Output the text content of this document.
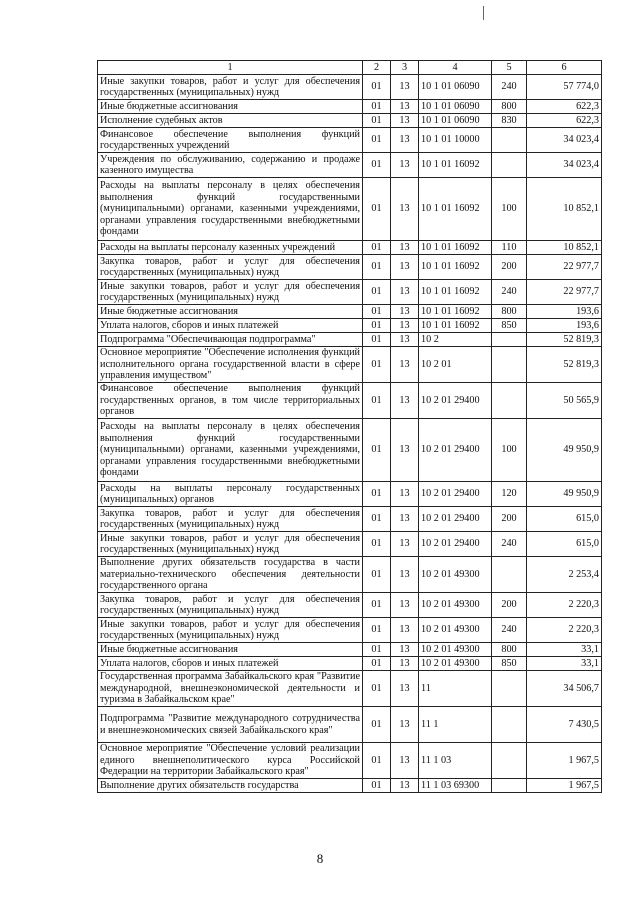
1	2	3	4	5	6
Иные закупки товаров, работ и услуг для обеспечения государственных (муниципальных) нужд	01	13	10 1 01 06090	240	57 774,0
Иные бюджетные ассигнования	01	13	10 1 01 06090	800	622,3
Исполнение судебных актов	01	13	10 1 01 06090	830	622,3
Финансовое обеспечение выполнения функций государственных учреждений	01	13	10 1 01 10000		34 023,4
Учреждения по обслуживанию, содержанию и продаже казенного имущества	01	13	10 1 01 16092		34 023,4
Расходы на выплаты персоналу в целях обеспечения выполнения функций государственными (муниципальными) органами, казенными учреждениями, органами управления государственными внебюджетными фондами	01	13	10 1 01 16092	100	10 852,1
Расходы на выплаты персоналу казенных учреждений	01	13	10 1 01 16092	110	10 852,1
Закупка товаров, работ и услуг для обеспечения государственных (муниципальных) нужд	01	13	10 1 01 16092	200	22 977,7
Иные закупки товаров, работ и услуг для обеспечения государственных (муниципальных) нужд	01	13	10 1 01 16092	240	22 977,7
Иные бюджетные ассигнования	01	13	10 1 01 16092	800	193,6
Уплата налогов, сборов и иных платежей	01	13	10 1 01 16092	850	193,6
Подпрограмма "Обеспечивающая подпрограмма"	01	13	10 2		52 819,3
Основное мероприятие "Обеспечение исполнения функций исполнительного органа государственной власти в сфере управления имуществом"	01	13	10 2 01		52 819,3
Финансовое обеспечение выполнения функций государственных органов, в том числе территориальных органов	01	13	10 2 01 29400		50 565,9
Расходы на выплаты персоналу в целях обеспечения выполнения функций государственными (муниципальными) органами, казенными учреждениями, органами управления государственными внебюджетными фондами	01	13	10 2 01 29400	100	49 950,9
Расходы на выплаты персоналу государственных (муниципальных) органов	01	13	10 2 01 29400	120	49 950,9
Закупка товаров, работ и услуг для обеспечения государственных (муниципальных) нужд	01	13	10 2 01 29400	200	615,0
Иные закупки товаров, работ и услуг для обеспечения государственных (муниципальных) нужд	01	13	10 2 01 29400	240	615,0
Выполнение других обязательств государства в части материально-технического обеспечения деятельности государственного органа	01	13	10 2 01 49300		2 253,4
Закупка товаров, работ и услуг для обеспечения государственных (муниципальных) нужд	01	13	10 2 01 49300	200	2 220,3
Иные закупки товаров, работ и услуг для обеспечения государственных (муниципальных) нужд	01	13	10 2 01 49300	240	2 220,3
Иные бюджетные ассигнования	01	13	10 2 01 49300	800	33,1
Уплата налогов, сборов и иных платежей	01	13	10 2 01 49300	850	33,1
Государственная программа Забайкальского края "Развитие международной, внешнеэкономической деятельности и туризма в Забайкальском крае"	01	13	11		34 506,7
Подпрограмма "Развитие международного сотрудничества и внешнеэкономических связей Забайкальского края"	01	13	11 1		7 430,5
Основное мероприятие "Обеспечение условий реализации единого внешнеполитического курса Российской Федерации на территории Забайкальского края"	01	13	11 1 03		1 967,5
Выполнение других обязательств государства	01	13	11 1 03 69300		1 967,5
8
